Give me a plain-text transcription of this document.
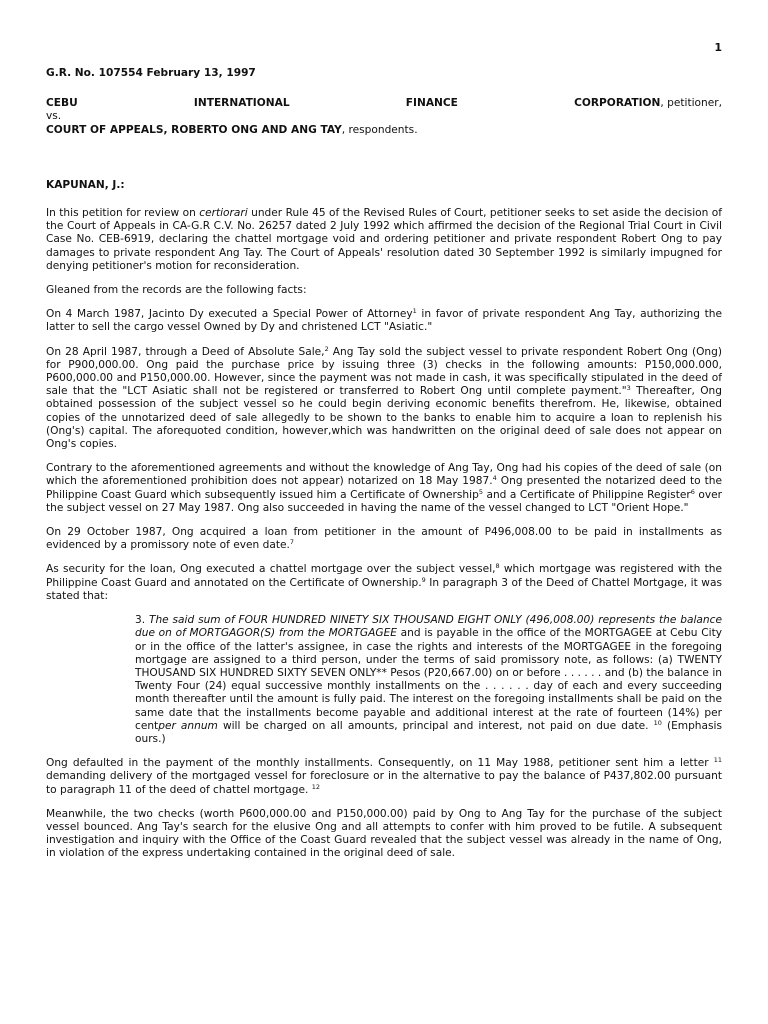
1

G.R. No. 107554 February 13, 1997

CEBU	INTERNATIONAL	FINANCE	CORPORATION, petitioner,
vs.
COURT OF APPEALS, ROBERTO ONG AND ANG TAY, respondents.

KAPUNAN, J.:

In this petition for review on certiorari under Rule 45 of the Revised Rules of Court, petitioner seeks to set aside the decision of the Court of Appeals in CA-G.R C.V. No. 26257 dated 2 July 1992 which affirmed the decision of the Regional Trial Court in Civil Case No. CEB-6919, declaring the chattel mortgage void and ordering petitioner and private respondent Robert Ong to pay damages to private respondent Ang Tay. The Court of Appeals' resolution dated 30 September 1992 is similarly impugned for denying petitioner's motion for reconsideration.

Gleaned from the records are the following facts:

On 4 March 1987, Jacinto Dy executed a Special Power of Attorney$^1$ in favor of private respondent Ang Tay, authorizing the latter to sell the cargo vessel Owned by Dy and christened LCT "Asiatic."

On 28 April 1987, through a Deed of Absolute Sale,$^2$ Ang Tay sold the subject vessel to private respondent Robert Ong (Ong) for P900,000.00. Ong paid the purchase price by issuing three (3) checks in the following amounts: P150,000.000, P600,000.00 and P150,000.00. However, since the payment was not made in cash, it was specifically stipulated in the deed of sale that the "LCT Asiatic shall not be registered or transferred to Robert Ong until complete payment."$^3$ Thereafter, Ong obtained possession of the subject vessel so he could begin deriving economic benefits therefrom. He, likewise, obtained copies of the unnotarized deed of sale allegedly to be shown to the banks to enable him to acquire a loan to replenish his (Ong's) capital. The aforequoted condition, however,which was handwritten on the original deed of sale does not appear on Ong's copies.

Contrary to the aforementioned agreements and without the knowledge of Ang Tay, Ong had his copies of the deed of sale (on which the aforementioned prohibition does not appear) notarized on 18 May 1987.$^4$ Ong presented the notarized deed to the Philippine Coast Guard which subsequently issued him a Certificate of Ownership$^5$ and a Certificate of Philippine Register$^6$ over the subject vessel on 27 May 1987. Ong also succeeded in having the name of the vessel changed to LCT "Orient Hope."

On 29 October 1987, Ong acquired a loan from petitioner in the amount of P496,008.00 to be paid in installments as evidenced by a promissory note of even date.$^7$

As security for the loan, Ong executed a chattel mortgage over the subject vessel,$^8$ which mortgage was registered with the Philippine Coast Guard and annotated on the Certificate of Ownership.$^9$ In paragraph 3 of the Deed of Chattel Mortgage, it was stated that:

3. The said sum of FOUR HUNDRED NINETY SIX THOUSAND EIGHT ONLY (496,008.00) represents the balance due on of MORTGAGOR(S) from the MORTGAGEE and is payable in the office of the MORTGAGEE at Cebu City or in the office of the latter's assignee, in case the rights and interests of the MORTGAGEE in the foregoing mortgage are assigned to a third person, under the terms of said promissory note, as follows: (a) TWENTY THOUSAND SIX HUNDRED SIXTY SEVEN ONLY** Pesos (P20,667.00) on or before . . . . . . and (b) the balance in Twenty Four (24) equal successive monthly installments on the . . . . . . day of each and every succeeding month thereafter until the amount is fully paid. The interest on the foregoing installments shall be paid on the same date that the installments become payable and additional interest at the rate of fourteen (14%) per centper annum will be charged on all amounts, principal and interest, not paid on due date. $^{10}$ (Emphasis ours.)

Ong defaulted in the payment of the monthly installments. Consequently, on 11 May 1988, petitioner sent him a letter $^{11}$ demanding delivery of the mortgaged vessel for foreclosure or in the alternative to pay the balance of P437,802.00 pursuant to paragraph 11 of the deed of chattel mortgage. $^{12}$

Meanwhile, the two checks (worth P600,000.00 and P150,000.00) paid by Ong to Ang Tay for the purchase of the subject vessel bounced. Ang Tay's search for the elusive Ong and all attempts to confer with him proved to be futile. A subsequent investigation and inquiry with the Office of the Coast Guard revealed that the subject vessel was already in the name of Ong, in violation of the express undertaking contained in the original deed of sale.
